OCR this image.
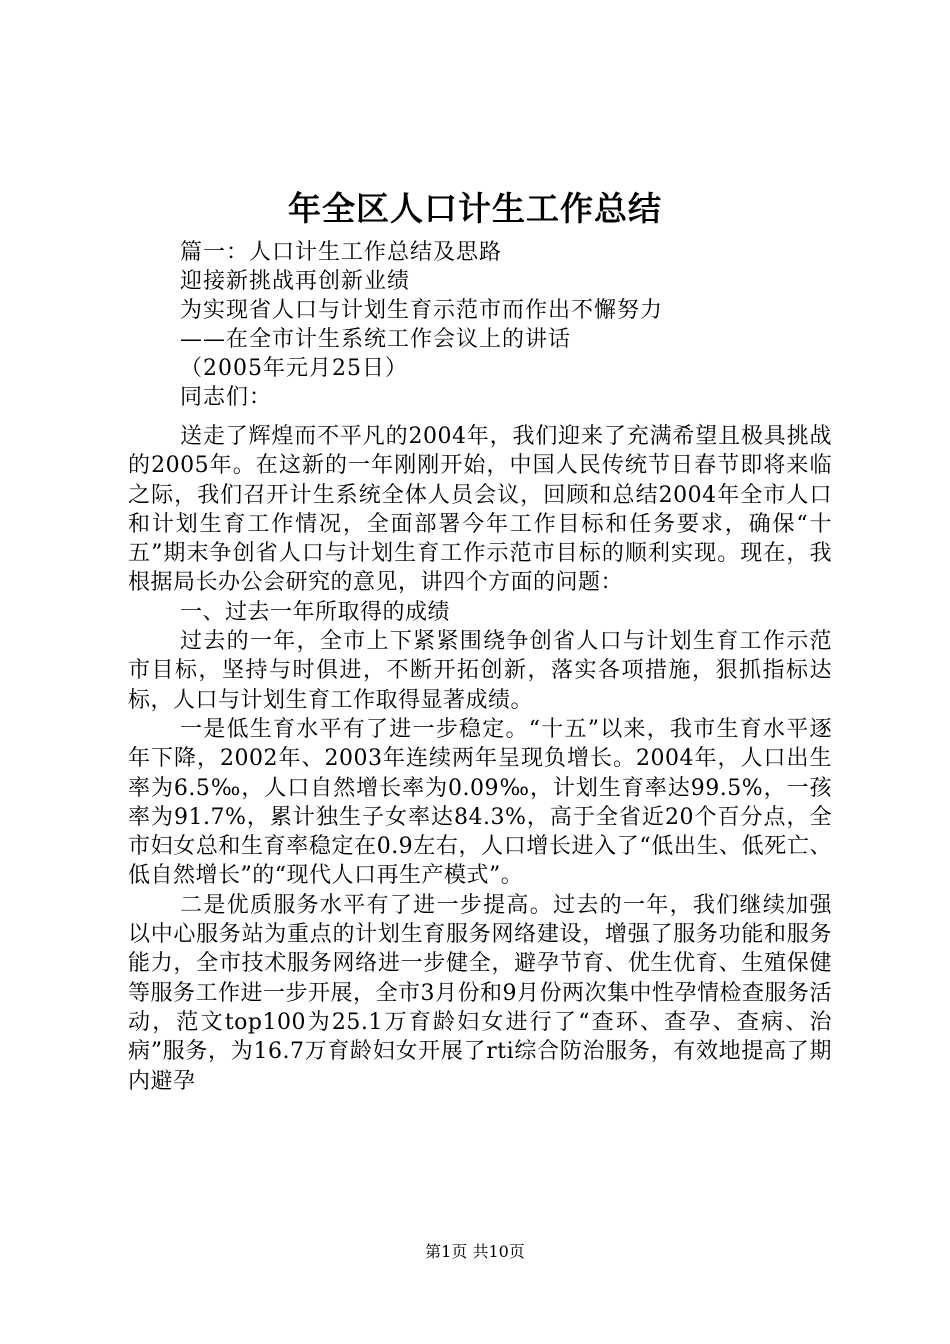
年全区人口计生工作总结
篇一：人口计生工作总结及思路
迎接新挑战再创新业绩
为实现省人口与计划生育示范市而作出不懈努力
——在全市计生系统工作会议上的讲话
（2005年元月25日）
同志们：

送走了辉煌而不平凡的2004年，我们迎来了充满希望且极具挑战的2005年。在这新的一年刚刚开始，中国人民传统节日春节即将来临之际，我们召开计生系统全体人员会议，回顾和总结2004年全市人口和计划生育工作情况，全面部署今年工作目标和任务要求，确保“十五”期末争创省人口与计划生育工作示范市目标的顺利实现。现在，我根据局长办公会研究的意见，讲四个方面的问题：

一、过去一年所取得的成绩

过去的一年，全市上下紧紧围绕争创省人口与计划生育工作示范市目标，坚持与时俱进，不断开拓创新，落实各项措施，狠抓指标达标，人口与计划生育工作取得显著成绩。

一是低生育水平有了进一步稳定。“十五”以来，我市生育水平逐年下降，2002年、2003年连续两年呈现负增长。2004年，人口出生率为6.5‰，人口自然增长率为0.09‰，计划生育率达99.5%，一孩率为91.7%，累计独生子女率达84.3%，高于全省近20个百分点，全市妇女总和生育率稳定在0.9左右，人口增长进入了“低出生、低死亡、低自然增长”的“现代人口再生产模式”。

二是优质服务水平有了进一步提高。过去的一年，我们继续加强以中心服务站为重点的计划生育服务网络建设，增强了服务功能和服务能力，全市技术服务网络进一步健全，避孕节育、优生优育、生殖保健等服务工作进一步开展，全市3月份和9月份两次集中性孕情检查服务活动，范文top100为25.1万育龄妇女进行了“查环、查孕、查病、治病”服务，为16.7万育龄妇女开展了rti综合防治服务，有效地提高了期内避孕

第1页 共10页
